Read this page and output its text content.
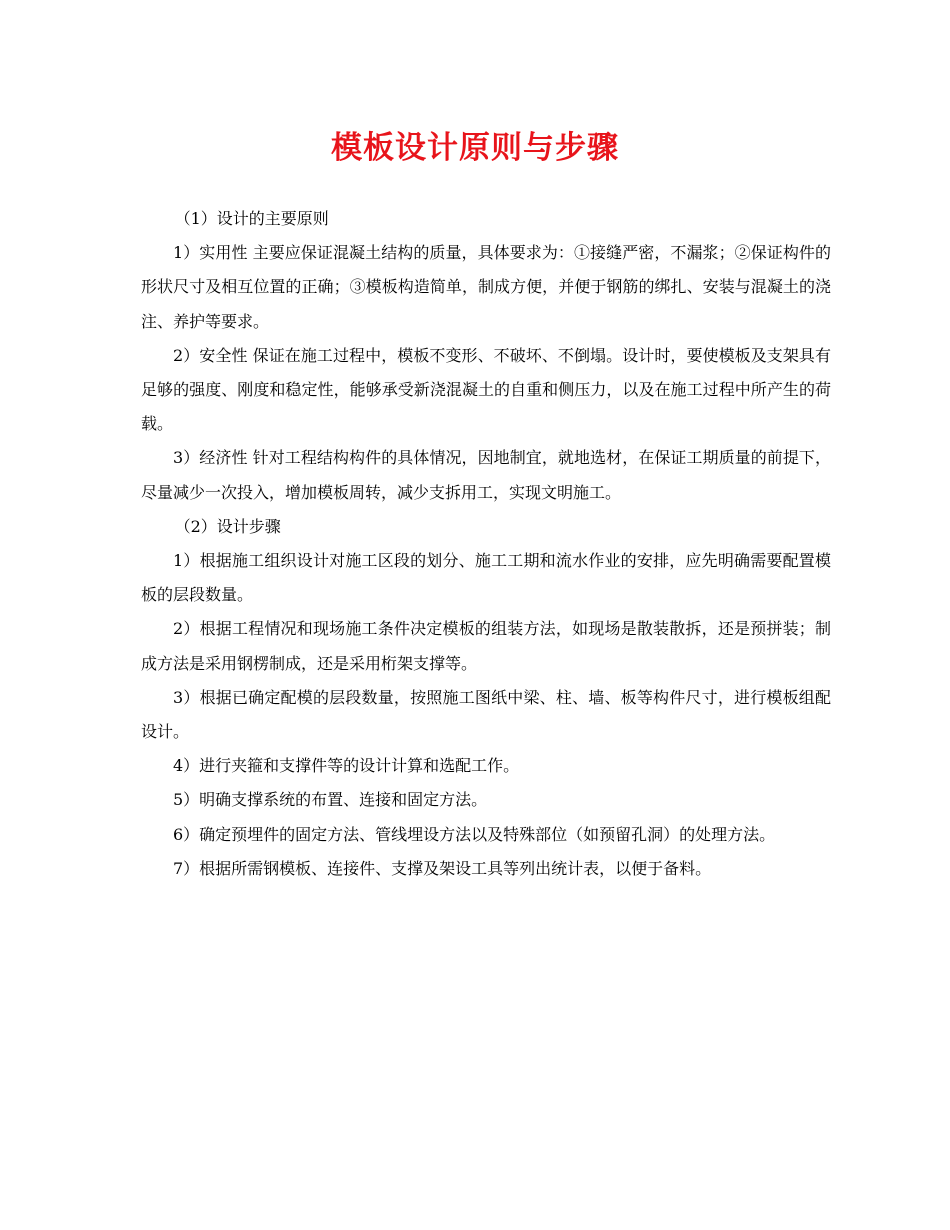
模板设计原则与步骤

（1）设计的主要原则

1）实用性 主要应保证混凝土结构的质量，具体要求为：①接缝严密，不漏浆；②保证构件的形状尺寸及相互位置的正确；③模板构造简单，制成方便，并便于钢筋的绑扎、安装与混凝土的浇注、养护等要求。

2）安全性 保证在施工过程中，模板不变形、不破坏、不倒塌。设计时，要使模板及支架具有足够的强度、刚度和稳定性，能够承受新浇混凝土的自重和侧压力，以及在施工过程中所产生的荷载。

3）经济性 针对工程结构构件的具体情况，因地制宜，就地选材，在保证工期质量的前提下，尽量减少一次投入，增加模板周转，减少支拆用工，实现文明施工。

（2）设计步骤

1）根据施工组织设计对施工区段的划分、施工工期和流水作业的安排，应先明确需要配置模板的层段数量。

2）根据工程情况和现场施工条件决定模板的组装方法，如现场是散装散拆，还是预拼装；制成方法是采用钢楞制成，还是采用桁架支撑等。

3）根据已确定配模的层段数量，按照施工图纸中梁、柱、墙、板等构件尺寸，进行模板组配设计。

4）进行夹箍和支撑件等的设计计算和选配工作。

5）明确支撑系统的布置、连接和固定方法。

6）确定预埋件的固定方法、管线埋设方法以及特殊部位（如预留孔洞）的处理方法。

7）根据所需钢模板、连接件、支撑及架设工具等列出统计表，以便于备料。
